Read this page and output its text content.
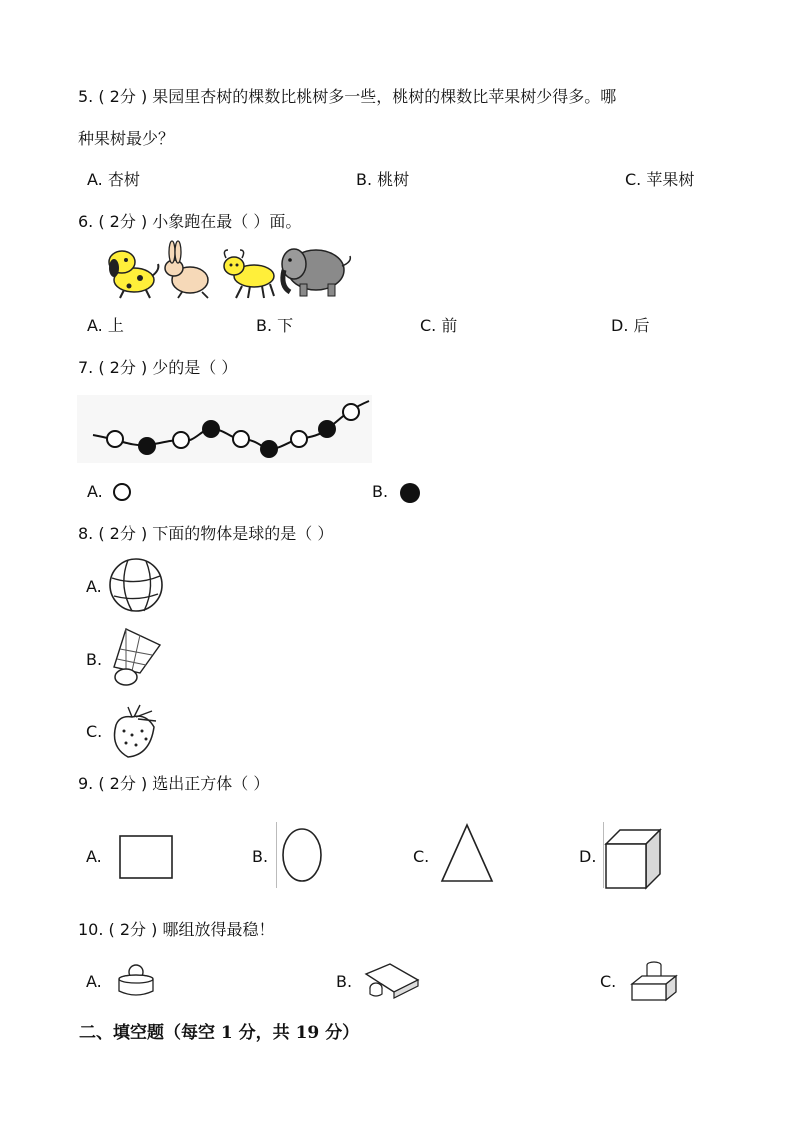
5. ( 2分 ) 果园里杏树的棵数比桃树多一些，桃树的棵数比苹果树少得多。哪
种果树最少？
A. 杏树	B. 桃树	C. 苹果树
6. ( 2分 ) 小象跑在最（ ）面。
A. 上	B. 下	C. 前	D. 后
7. ( 2分 ) 少的是（ ）
A.	B.
8. ( 2分 ) 下面的物体是球的是（ ）
A.
B.
C.
9. ( 2分 ) 选出正方体（ ）
A.	B.	C.	D.
10. ( 2分 ) 哪组放得最稳！
A.	B.	C.
二、填空题（每空 1 分，共 19 分）
